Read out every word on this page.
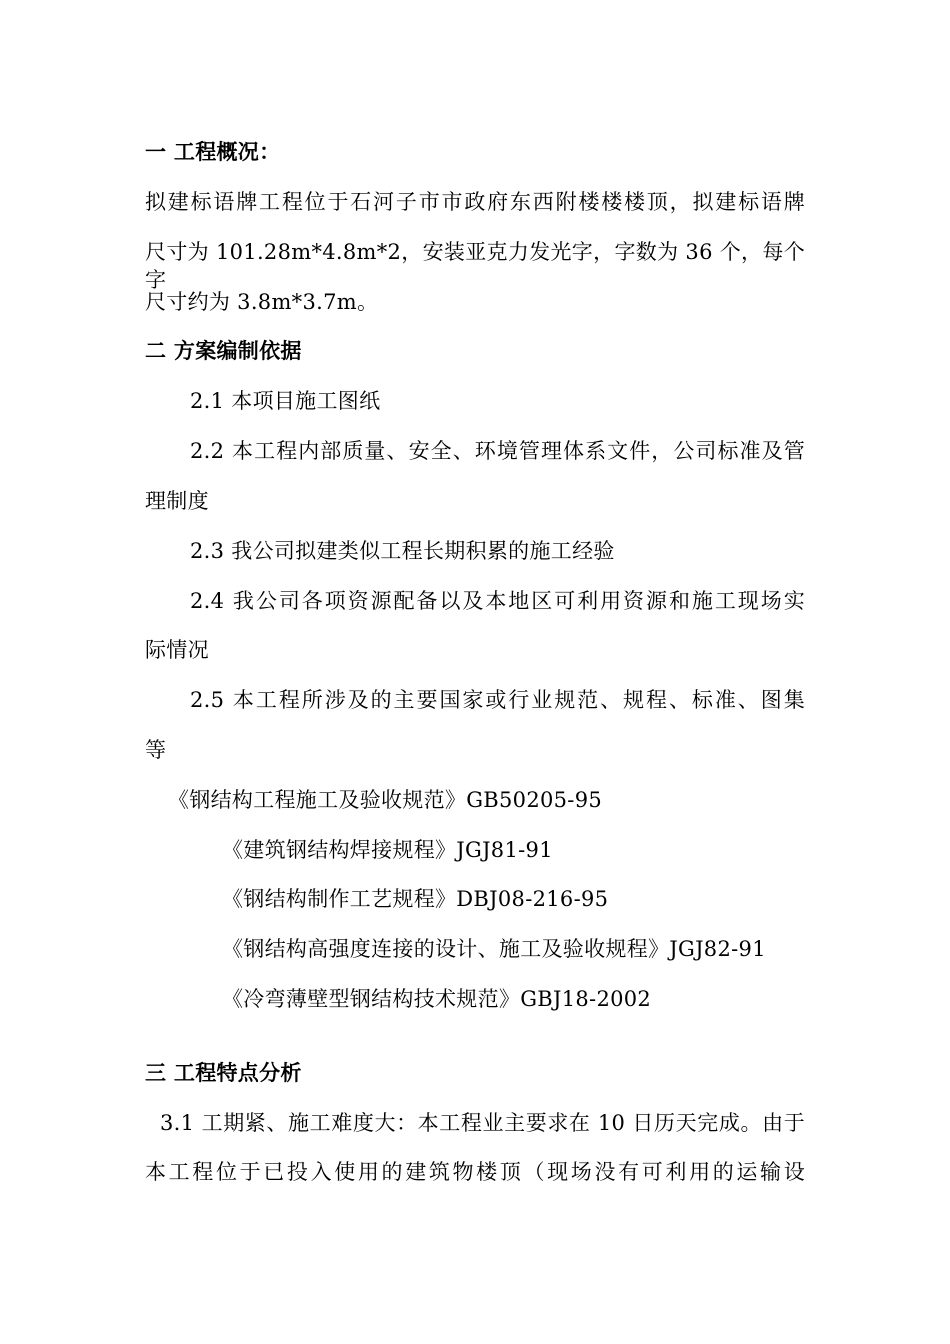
一 工程概况：
拟建标语牌工程位于石河子市市政府东西附楼楼楼顶，拟建标语牌
尺寸为 101.28m*4.8m*2，安装亚克力发光字，字数为 36 个，每个字
尺寸约为 3.8m*3.7m。
二 方案编制依据
2.1 本项目施工图纸
2.2 本工程内部质量、安全、环境管理体系文件，公司标准及管
理制度
2.3 我公司拟建类似工程长期积累的施工经验
2.4 我公司各项资源配备以及本地区可利用资源和施工现场实
际情况
2.5 本工程所涉及的主要国家或行业规范、规程、标准、图集
等
《钢结构工程施工及验收规范》GB50205-95
《建筑钢结构焊接规程》JGJ81-91
《钢结构制作工艺规程》DBJ08-216-95
《钢结构高强度连接的设计、施工及验收规程》JGJ82-91
《冷弯薄壁型钢结构技术规范》GBJ18-2002
三 工程特点分析
3.1 工期紧、施工难度大：本工程业主要求在 10 日历天完成。由于
本工程位于已投入使用的建筑物楼顶（现场没有可利用的运输设
